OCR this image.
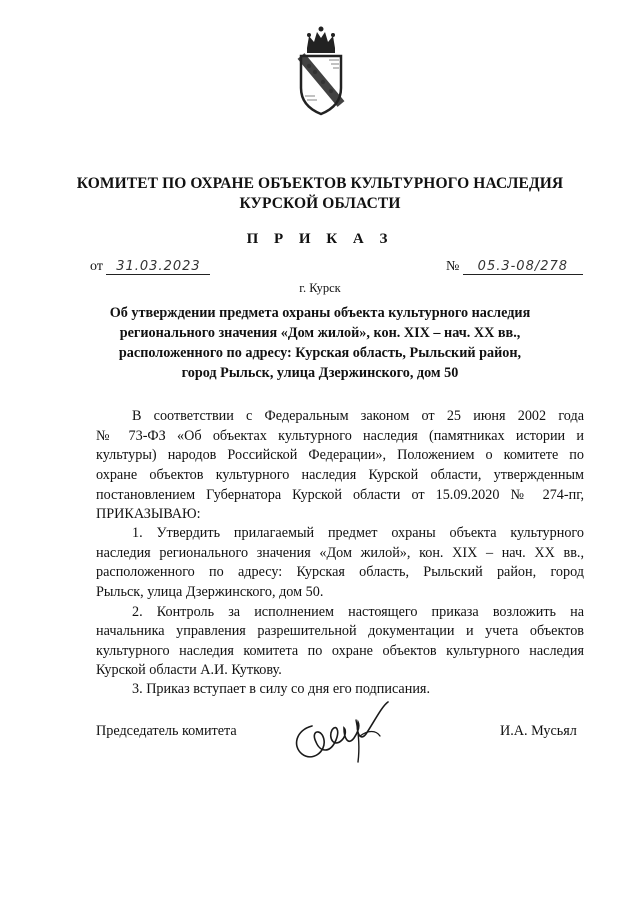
КОМИТЕТ ПО ОХРАНЕ ОБЪЕКТОВ КУЛЬТУРНОГО НАСЛЕДИЯ
КУРСКОЙ ОБЛАСТИ
П Р И К А З
от 31.03.2023	№ 05.3-08/278
г. Курск
Об утверждении предмета охраны объекта культурного наследия
регионального значения «Дом жилой», кон. XIX – нач. XX вв.,
расположенного по адресу: Курская область, Рыльский район,
город Рыльск, улица Дзержинского, дом 50
В соответствии с Федеральным законом от 25 июня 2002 года
№ 73-ФЗ «Об объектах культурного наследия (памятниках истории и
культуры) народов Российской Федерации», Положением о комитете по
охране объектов культурного наследия Курской области, утвержденным
постановлением Губернатора Курской области от 15.09.2020 № 274-пг,
ПРИКАЗЫВАЮ:
1. Утвердить прилагаемый предмет охраны объекта культурного
наследия регионального значения «Дом жилой», кон. XIX – нач. XX вв.,
расположенного по адресу: Курская область, Рыльский район, город
Рыльск, улица Дзержинского, дом 50.
2. Контроль за исполнением настоящего приказа возложить на
начальника управления разрешительной документации и учета объектов
культурного наследия комитета по охране объектов культурного наследия
Курской области А.И. Куткову.
3. Приказ вступает в силу со дня его подписания.
Председатель комитета	И.А. Мусьял
